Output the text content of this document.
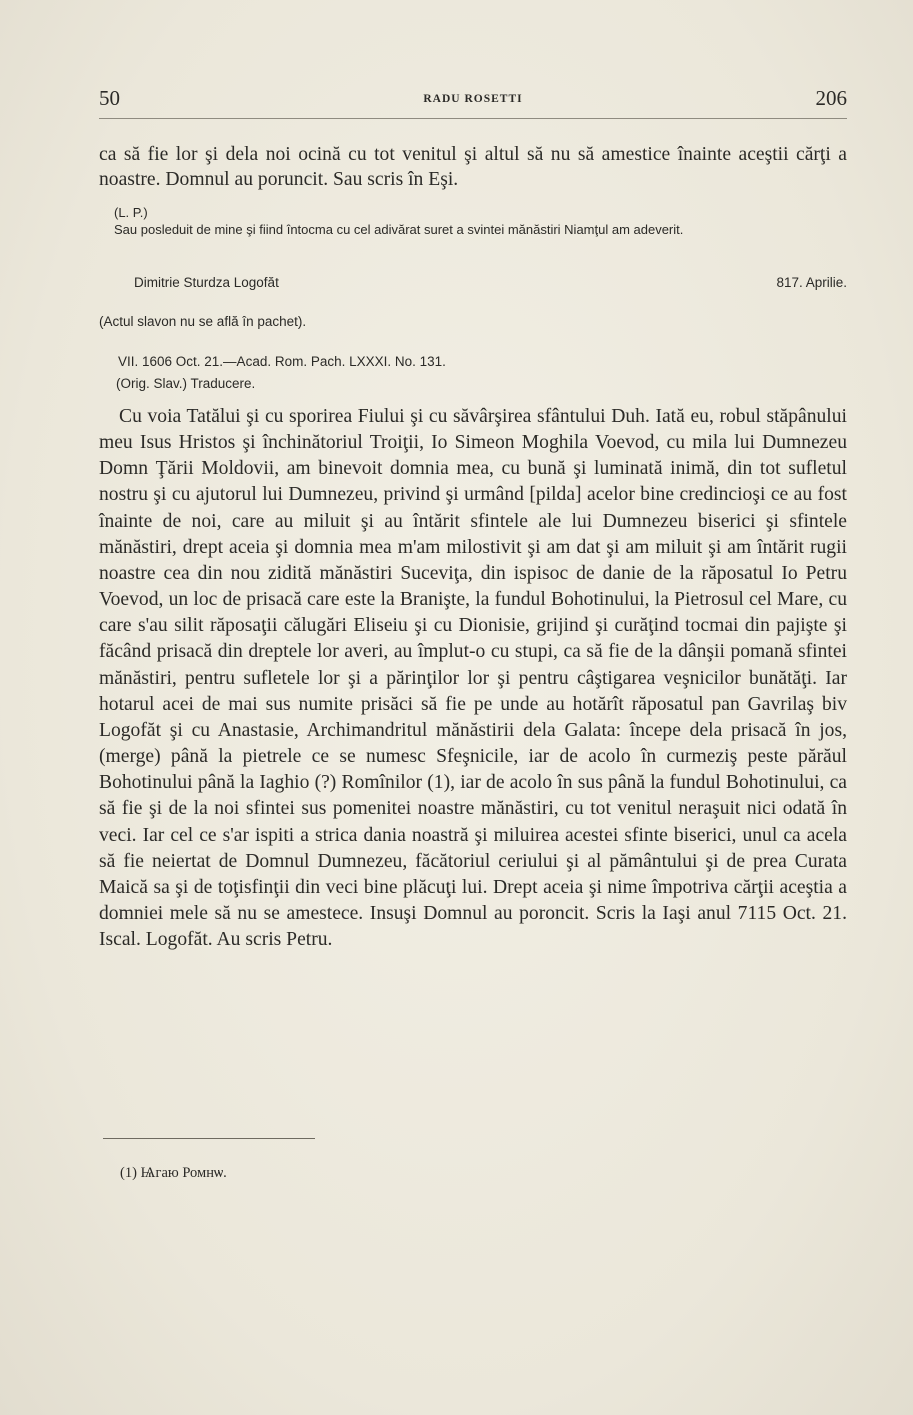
50	RADU ROSETTI	206

ca să fie lor şi dela noi ocină cu tot venitul şi altul să nu să amestice înainte aceştii cărţi a noastre. Domnul au poruncit. Sau scris în Eşi.

(L. P.)

Sau posleduit de mine şi fiind întocma cu cel adivărat suret a svintei mănăstiri Niamţul am adeverit.

Dimitrie Sturdza Logofăt	817. Aprilie.
(Actul slavon nu se află în pachet).
VII. 1606 Oct. 21.—Acad. Rom. Pach. LXXXI. No. 131.
(Orig. Slav.) Traducere.

Cu voia Tatălui şi cu sporirea Fiului şi cu săvârşirea sfântului Duh. Iată eu, robul stăpânului meu Isus Hristos şi închinătoriul Troiţii, Io Simeon Moghila Voevod, cu mila lui Dumnezeu Domn Ţării Moldovii, am binevoit domnia mea, cu bună şi luminată inimă, din tot sufletul nostru şi cu ajutorul lui Dumnezeu, privind şi urmând [pilda] acelor bine credincioşi ce au fost înainte de noi, care au miluit şi au întărit sfintele ale lui Dumnezeu biserici şi sfintele mănăstiri, drept aceia şi domnia mea m'am milostivit şi am dat şi am miluit şi am întărit rugii noastre cea din nou zidită mănăstiri Suceviţa, din ispisoc de danie de la răposatul Io Petru Voevod, un loc de prisacă care este la Branişte, la fundul Bohotinului, la Pietrosul cel Mare, cu care s'au silit răposaţii călugări Eliseiu şi cu Dionisie, grijind şi curăţind tocmai din pajişte şi făcând prisacă din dreptele lor averi, au împlut-o cu stupi, ca să fie de la dânşii pomană sfintei mănăstiri, pentru sufletele lor şi a părinţilor lor şi pentru câştigarea veşnicilor bunătăţi. Iar hotarul acei de mai sus numite prisăci să fie pe unde au hotărît răposatul pan Gavrilaş biv Logofăt şi cu Anastasie, Archimandritul mănăstirii dela Galata: începe dela prisacă în jos, (merge) până la pietrele ce se numesc Sfeşnicile, iar de acolo în curmeziş peste părăul Bohotinului până la Iaghio (?) Romînilor (1), iar de acolo în sus până la fundul Bohotinului, ca să fie şi de la noi sfintei sus pomenitei noastre mănăstiri, cu tot venitul neraşuit nici odată în veci. Iar cel ce s'ar ispiti a strica dania noastră şi miluirea acestei sfinte biserici, unul ca acela să fie neiertat de Domnul Dumnezeu, făcătoriul ceriului şi al pământului şi de prea Curata Maică sa şi de toţisfinţii din veci bine plăcuţi lui. Drept aceia şi nime împotriva cărţii aceştia a domniei mele să nu se amestece. Insuşi Domnul au poroncit. Scris la Iaşi anul 7115 Oct. 21. Iscal. Logofăt. Au scris Petru.

(1) Ѩгаю Ромнѡ.
